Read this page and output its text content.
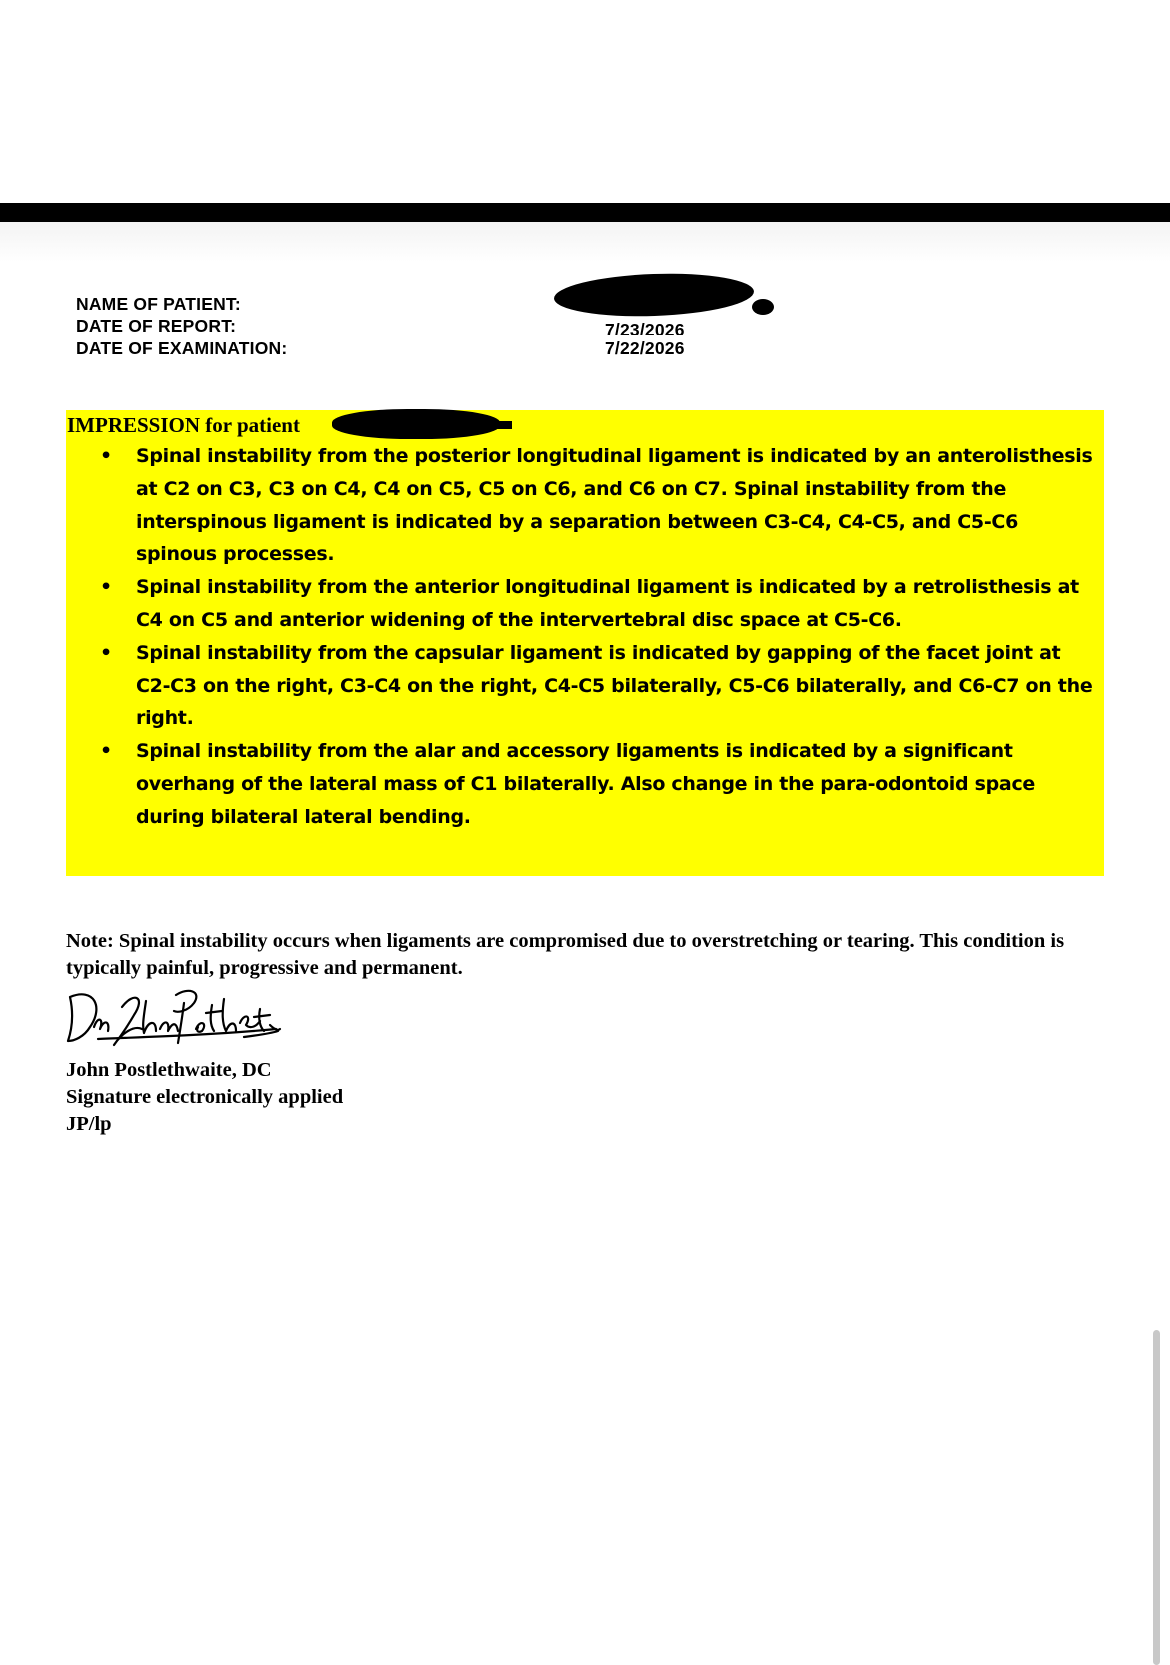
NAME OF PATIENT:
DATE OF REPORT:	7/23/2026
DATE OF EXAMINATION:	7/22/2026
IMPRESSION for patient
• Spinal instability from the posterior longitudinal ligament is indicated by an anterolisthesis at C2 on C3, C3 on C4, C4 on C5, C5 on C6, and C6 on C7. Spinal instability from the interspinous ligament is indicated by a separation between C3-C4, C4-C5, and C5-C6 spinous processes.
• Spinal instability from the anterior longitudinal ligament is indicated by a retrolisthesis at C4 on C5 and anterior widening of the intervertebral disc space at C5-C6.
• Spinal instability from the capsular ligament is indicated by gapping of the facet joint at C2-C3 on the right, C3-C4 on the right, C4-C5 bilaterally, C5-C6 bilaterally, and C6-C7 on the right.
• Spinal instability from the alar and accessory ligaments is indicated by a significant overhang of the lateral mass of C1 bilaterally. Also change in the para-odontoid space during bilateral lateral bending.
Note: Spinal instability occurs when ligaments are compromised due to overstretching or tearing. This condition is typically painful, progressive and permanent.
John Postlethwaite, DC
Signature electronically applied
JP/lp
